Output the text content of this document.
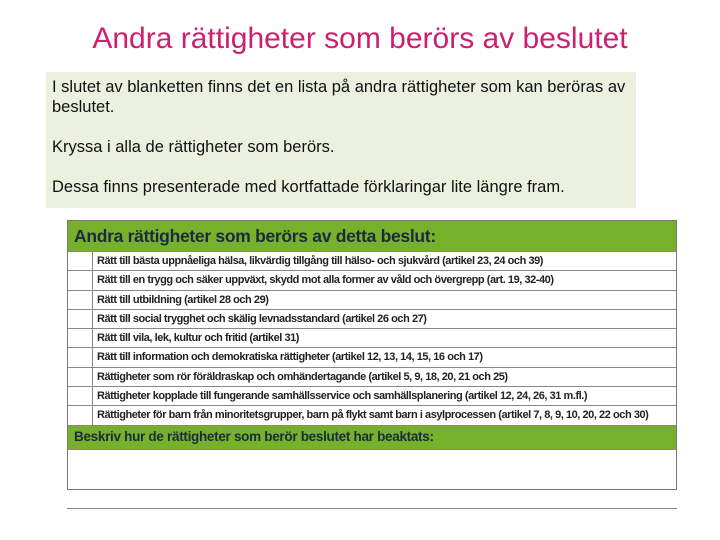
Andra rättigheter som berörs av beslutet

I slutet av blanketten finns det en lista på andra rättigheter som kan beröras av beslutet.

Kryssa i alla de rättigheter som berörs.

Dessa finns presenterade med kortfattade förklaringar lite längre fram.

Andra rättigheter som berörs av detta beslut:
Rätt till bästa uppnåeliga hälsa, likvärdig tillgång till hälso- och sjukvård (artikel 23, 24 och 39)
Rätt till en trygg och säker uppväxt, skydd mot alla former av våld och övergrepp (art. 19, 32-40)
Rätt till utbildning (artikel 28 och 29)
Rätt till social trygghet och skälig levnadsstandard (artikel 26 och 27)
Rätt till vila, lek, kultur och fritid (artikel 31)
Rätt till information och demokratiska rättigheter (artikel 12, 13, 14, 15, 16 och 17)
Rättigheter som rör föräldraskap och omhändertagande (artikel 5, 9, 18, 20, 21 och 25)
Rättigheter kopplade till fungerande samhällsservice och samhällsplanering (artikel 12, 24, 26, 31 m.fl.)
Rättigheter för barn från minoritetsgrupper, barn på flykt samt barn i asylprocessen (artikel 7, 8, 9, 10, 20, 22 och 30)
Beskriv hur de rättigheter som berör beslutet har beaktats:
